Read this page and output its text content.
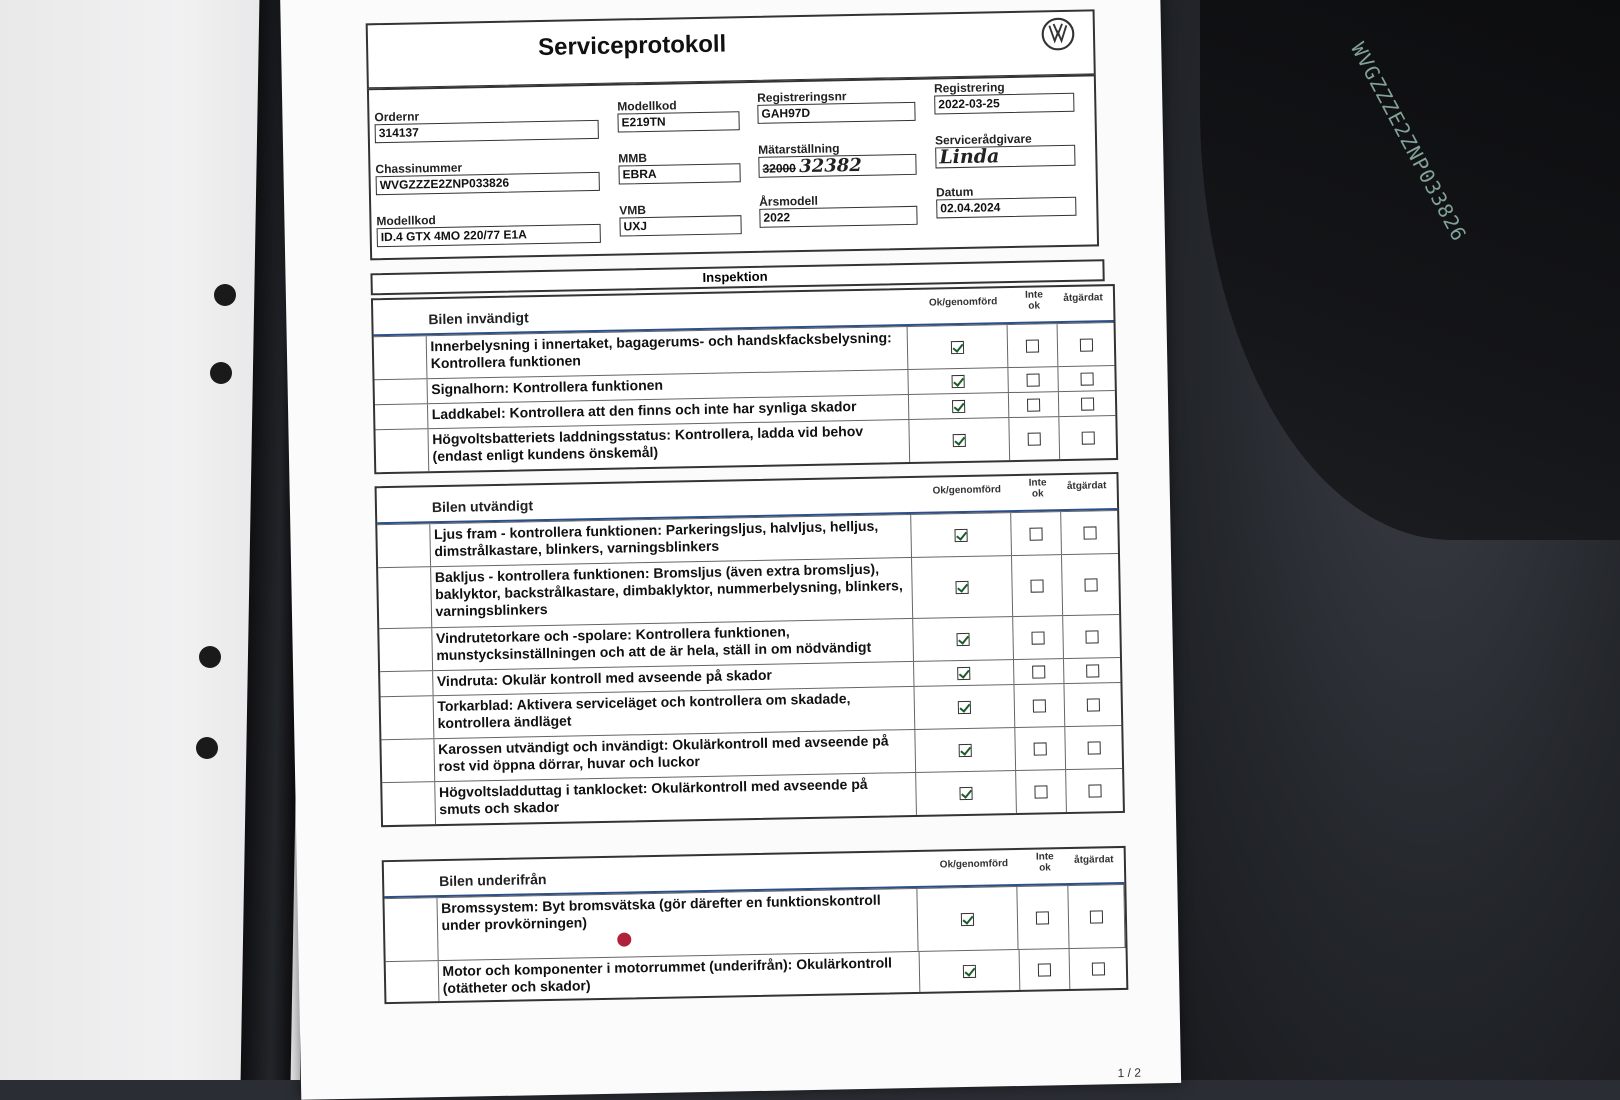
WVGZZZE2ZNP033826
Serviceprotokoll
Ordernr
314137
Chassinummer
WVGZZZE2ZNP033826
Modellkod
ID.4 GTX 4MO 220/77 E1A
Modellkod
E219TN
MMB
EBRA
VMB
UXJ
Registreringsnr
GAH97D
Mätarställning
32000 32382
Årsmodell
2022
Registrering
2022-03-25
Servicerådgivare
Linda
Datum
02.04.2024
Inspektion
Bilen invändigt
Ok/genomförd
Inte
ok
åtgärdat
Innerbelysning i innertaket, bagagerums- och handskfacksbelysning: Kontrollera funktionen
Signalhorn: Kontrollera funktionen
Laddkabel: Kontrollera att den finns och inte har synliga skador
Högvoltsbatteriets laddningsstatus: Kontrollera, ladda vid behov (endast enligt kundens önskemål)
Bilen utvändigt
Ok/genomförd
Inte
ok
åtgärdat
Ljus fram - kontrollera funktionen: Parkeringsljus, halvljus, helljus, dimstrålkastare, blinkers, varningsblinkers
Bakljus - kontrollera funktionen: Bromsljus (även extra bromsljus), baklyktor, backstrålkastare, dimbaklyktor, nummerbelysning, blinkers, varningsblinkers
Vindrutetorkare och -spolare: Kontrollera funktionen, munstycksinställningen och att de är hela, ställ in om nödvändigt
Vindruta: Okulär kontroll med avseende på skador
Torkarblad: Aktivera serviceläget och kontrollera om skadade, kontrollera ändläget
Karossen utvändigt och invändigt: Okulärkontroll med avseende på rost vid öppna dörrar, huvar och luckor
Högvoltsladduttag i tanklocket: Okulärkontroll med avseende på smuts och skador
Bilen underifrån
Ok/genomförd
Inte
ok
åtgärdat
Bromssystem: Byt bromsvätska (gör därefter en funktionskontroll under provkörningen)
Motor och komponenter i motorrummet (underifrån): Okulärkontroll (otätheter och skador)
1 / 2
